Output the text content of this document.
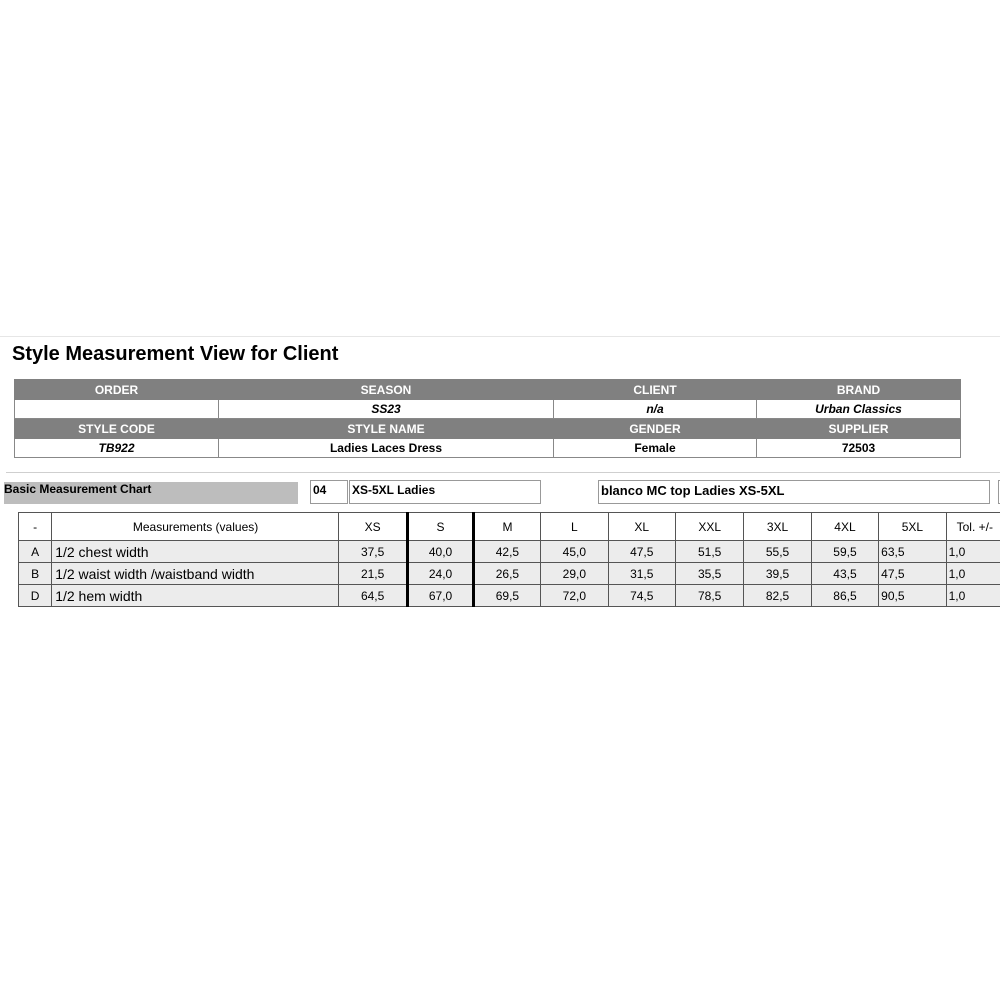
Style Measurement View for Client
ORDER	SEASON	CLIENT	BRAND
	SS23	n/a	Urban Classics
STYLE CODE	STYLE NAME	GENDER	SUPPLIER
TB922	Ladies Laces Dress	Female	72503
Basic Measurement Chart	04	XS-5XL Ladies	blanco MC top Ladies XS-5XL
-	Measurements (values)	XS	S	M	L	XL	XXL	3XL	4XL	5XL	Tol. +/-
A	1/2 chest width	37,5	40,0	42,5	45,0	47,5	51,5	55,5	59,5	63,5	1,0
B	1/2 waist width /waistband width	21,5	24,0	26,5	29,0	31,5	35,5	39,5	43,5	47,5	1,0
D	1/2 hem width	64,5	67,0	69,5	72,0	74,5	78,5	82,5	86,5	90,5	1,0
